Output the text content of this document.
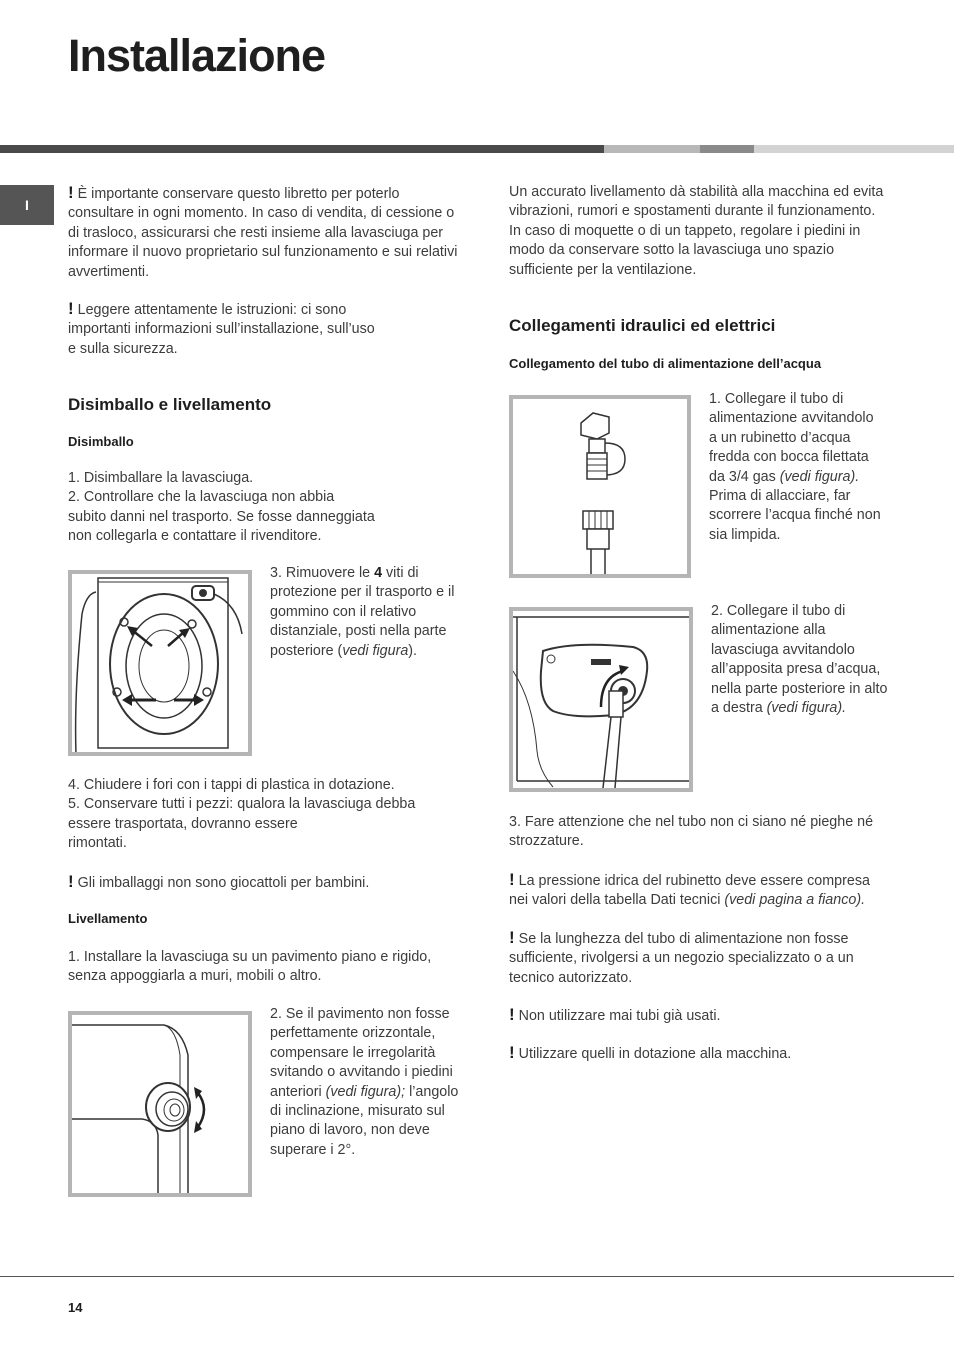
Installazione
I

! È importante conservare questo libretto per poterlo consultare in ogni momento. In caso di vendita, di cessione o di trasloco, assicurarsi che resti insieme alla lavasciuga per informare il nuovo proprietario sul funzionamento e sui relativi avvertimenti.

! Leggere attentamente le istruzioni: ci sono

importanti informazioni sull’installazione, sull’uso

e sulla sicurezza.

Disimballo e livellamento
Disimballo

1. Disimballare la lavasciuga.

2. Controllare che la lavasciuga non abbia

subito danni nel trasporto. Se fosse danneggiata

non collegarla e contattare il rivenditore.

3. Rimuovere le 4 viti di protezione per il trasporto e il gommino con il relativo distanziale, posti nella parte posteriore (vedi figura).

4. Chiudere i fori con i tappi di plastica in dotazione.

5. Conservare tutti i pezzi: qualora la lavasciuga debba

essere trasportata, dovranno essere

rimontati.

! Gli imballaggi non sono giocattoli per bambini.

Livellamento

1. Installare la lavasciuga su un pavimento piano e rigido,

senza appoggiarla a muri, mobili o altro.

2. Se il pavimento non fosse perfettamente orizzontale, compensare le irregolarità svitando o avvitando i piedini anteriori (vedi figura); l’angolo di inclinazione, misurato sul piano di lavoro, non deve superare i 2°.

Un accurato livellamento dà stabilità alla macchina ed evita vibrazioni, rumori e spostamenti durante il funzionamento. In caso di moquette o di un tappeto, regolare i piedini in modo da conservare sotto la lavasciuga uno spazio sufficiente per la ventilazione.
Collegamenti idraulici ed elettrici
Collegamento del tubo di alimentazione dell’acqua

1. Collegare il tubo di alimentazione avvitandolo a un rubinetto d’acqua fredda con bocca filettata da 3/4 gas (vedi figura). Prima di allacciare, far scorrere l’acqua finché non sia limpida.

2. Collegare il tubo di alimentazione alla lavasciuga avvitandolo all’apposita presa d’acqua, nella parte posteriore in alto a destra (vedi figura).

3. Fare attenzione che nel tubo non ci siano né pieghe né strozzature.

! La pressione idrica del rubinetto deve essere compresa nei valori della tabella Dati tecnici (vedi pagina a fianco).

! Se la lunghezza del tubo di alimentazione non fosse sufficiente, rivolgersi a un negozio specializzato o a un tecnico autorizzato.

! Non utilizzare mai tubi già usati.

! Utilizzare quelli in dotazione alla macchina.

14
